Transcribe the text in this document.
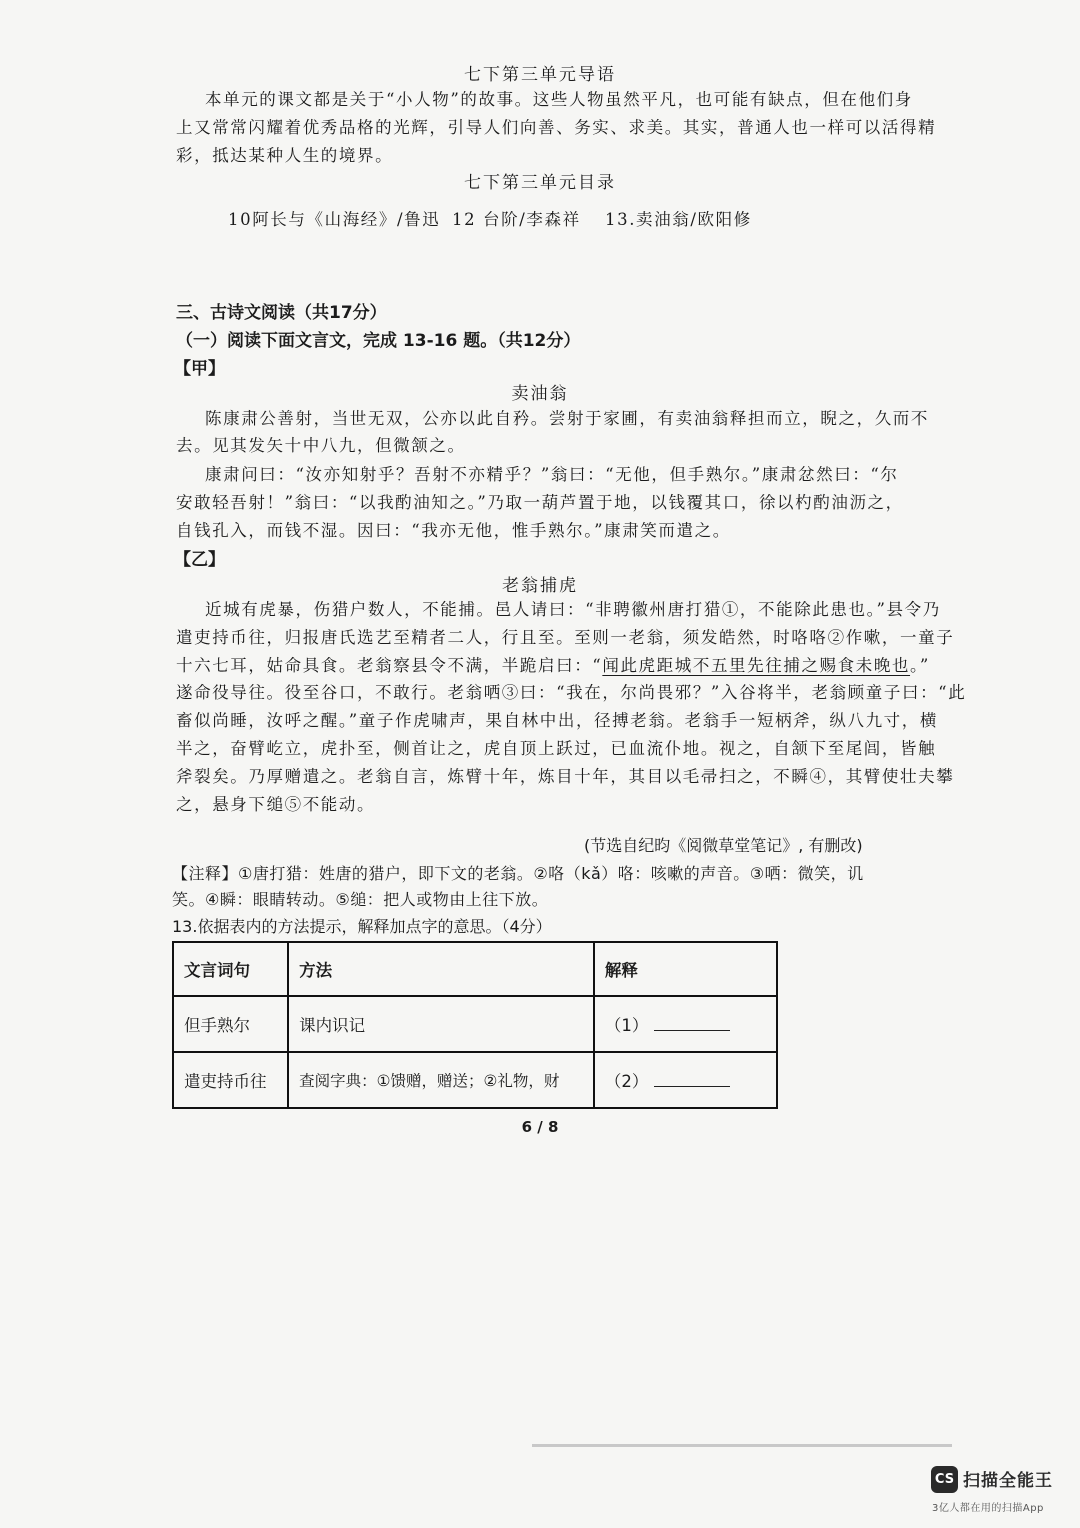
七下第三单元导语
本单元的课文都是关于“小人物”的故事。这些人物虽然平凡，也可能有缺点，但在他们身
上又常常闪耀着优秀品格的光辉，引导人们向善、务实、求美。其实，普通人也一样可以活得精
彩，抵达某种人生的境界。
七下第三单元目录
10阿长与《山海经》/鲁迅 12 台阶/李森祥 13.卖油翁/欧阳修
三、古诗文阅读（共17分）
（一）阅读下面文言文，完成 13-16 题。（共12分）
【甲】
卖油翁
陈康肃公善射，当世无双，公亦以此自矜。尝射于家圃，有卖油翁释担而立，睨之，久而不
去。见其发矢十中八九，但微颔之。
康肃问曰：“汝亦知射乎？吾射不亦精乎？”翁曰：“无他，但手熟尔。”康肃忿然曰：“尔
安敢轻吾射！”翁曰：“以我酌油知之。”乃取一葫芦置于地，以钱覆其口，徐以杓酌油沥之，
自钱孔入，而钱不湿。因曰：“我亦无他，惟手熟尔。”康肃笑而遣之。
【乙】
老翁捕虎
近城有虎暴，伤猎户数人，不能捕。邑人请曰：“非聘徽州唐打猎①，不能除此患也。”县令乃
遣吏持币往，归报唐氏选艺至精者二人，行且至。至则一老翁，须发皓然，时咯咯②作嗽，一童子
十六七耳，姑命具食。老翁察县令不满，半跪启曰：“闻此虎距城不五里先往捕之赐食未晚也。”
遂命役导往。役至谷口，不敢行。老翁哂③曰：“我在，尔尚畏邪？”入谷将半，老翁顾童子曰：“此
畜似尚睡，汝呼之醒。”童子作虎啸声，果自林中出，径搏老翁。老翁手一短柄斧，纵八九寸，横
半之，奋臂屹立，虎扑至，侧首让之，虎自顶上跃过，已血流仆地。视之，自颔下至尾闾，皆触
斧裂矣。乃厚赠遣之。老翁自言，炼臂十年，炼目十年，其目以毛帚扫之，不瞬④，其臂使壮夫攀
之，悬身下缒⑤不能动。
(节选自纪昀《阅微草堂笔记》, 有删改)
【注释】①唐打猎：姓唐的猎户，即下文的老翁。②咯（kǎ）咯：咳嗽的声音。③哂：微笑，讥
笑。④瞬：眼睛转动。⑤缒：把人或物由上往下放。
13.依据表内的方法提示，解释加点字的意思。（4分）
文言词句	方法	解释
但手熟尔	课内识记	（1）
遣吏持币往	查阅字典：①馈赠，赠送；②礼物，财	（2）
6 / 8
CS 扫描全能王
3亿人都在用的扫描App
